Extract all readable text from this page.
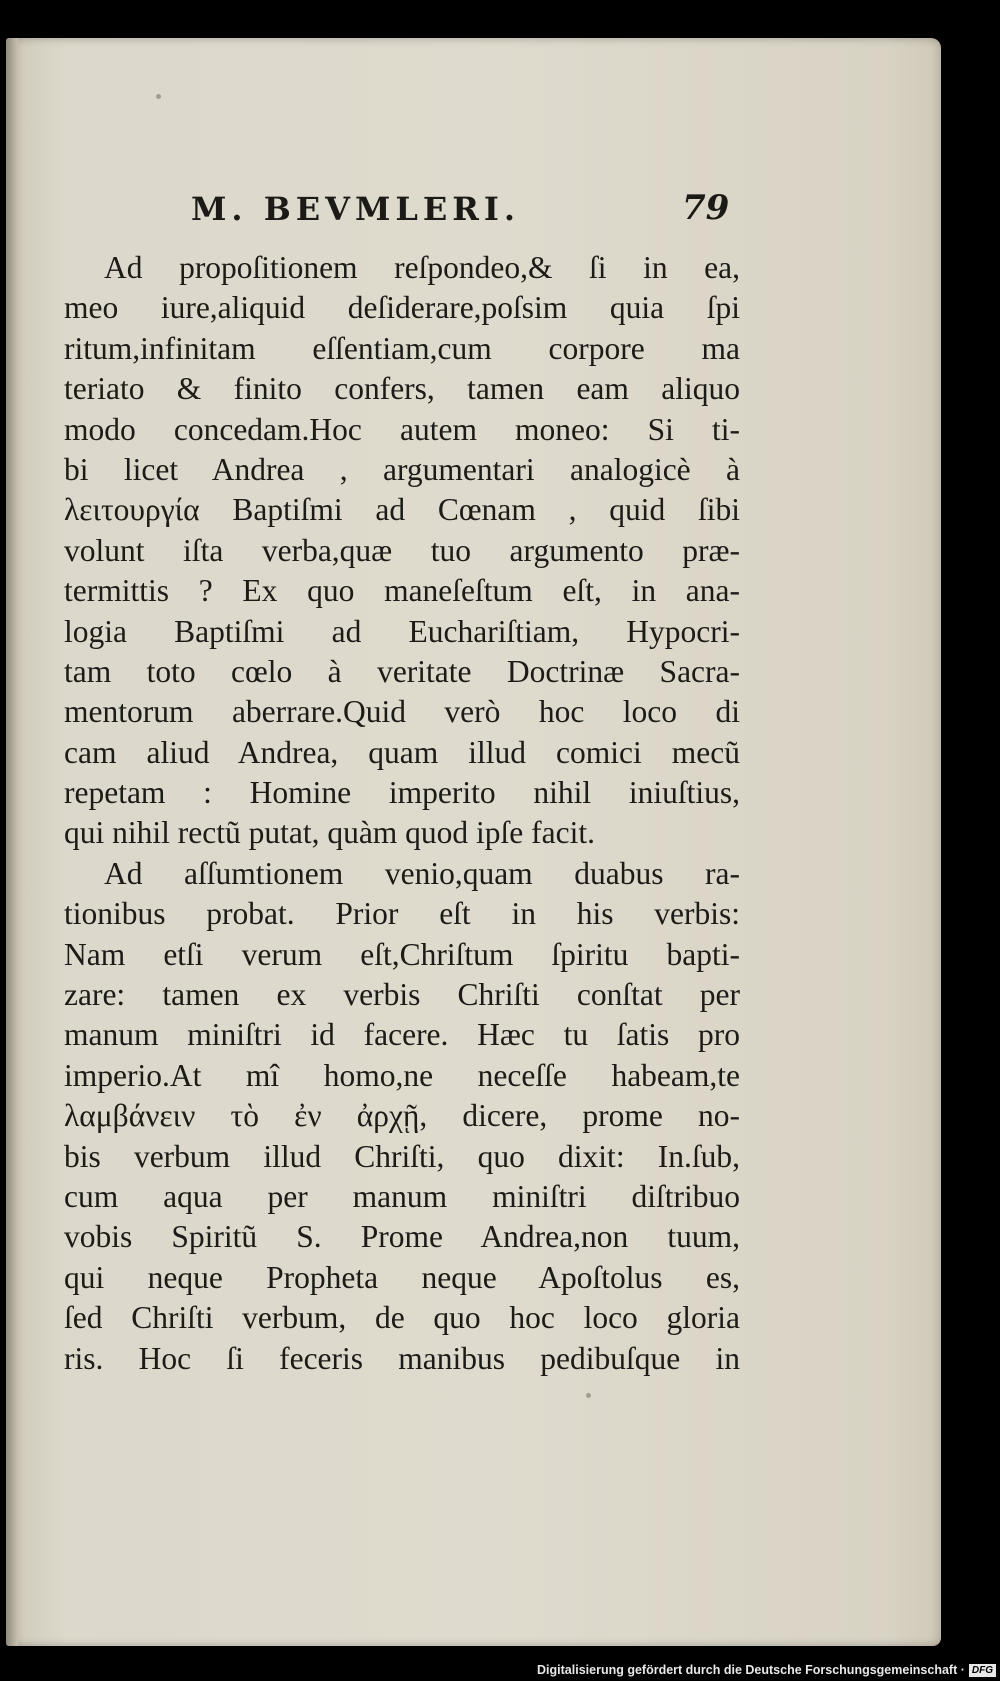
M. BEVMLERI.	79
Ad propoſitionem reſpondeo,& ſi in ea,
meo iure,aliquid deſiderare,poſsim quia ſpi
ritum,infinitam eſſentiam,cum corpore ma
teriato & finito confers, tamen eam aliquo
modo concedam.Hoc autem moneo: Si ti-
bi licet Andrea , argumentari analogicè à
λειτουργία Baptiſmi ad Cœnam , quid ſibi
volunt iſta verba,quæ tuo argumento præ-
termittis ? Ex quo maneſeſtum eſt, in ana-
logia Baptiſmi ad Euchariſtiam, Hypocri-
tam toto cœlo à veritate Doctrinæ Sacra-
mentorum aberrare.Quid verò hoc loco di
cam aliud Andrea, quam illud comici mecũ
repetam : Homine imperito nihil iniuſtius,
qui nihil rectũ putat, quàm quod ipſe facit.
Ad aſſumtionem venio,quam duabus ra-
tionibus probat. Prior eſt in his verbis:
Nam etſi verum eſt,Chriſtum ſpiritu bapti-
zare: tamen ex verbis Chriſti conſtat per
manum miniſtri id facere. Hæc tu ſatis pro
imperio.At mî homo,ne neceſſe habeam,te
λαμβάνειν τὸ ἐν ἀρχῇ, dicere, prome no-
bis verbum illud Chriſti, quo dixit: In.ſub,
cum aqua per manum miniſtri diſtribuo
vobis Spiritũ S. Prome Andrea,non tuum,
qui neque Propheta neque Apoſtolus es,
ſed Chriſti verbum, de quo hoc loco gloria
ris. Hoc ſi feceris manibus pedibuſque in
Digitalisierung gefördert durch die Deutsche Forschungsgemeinschaft · DFG
